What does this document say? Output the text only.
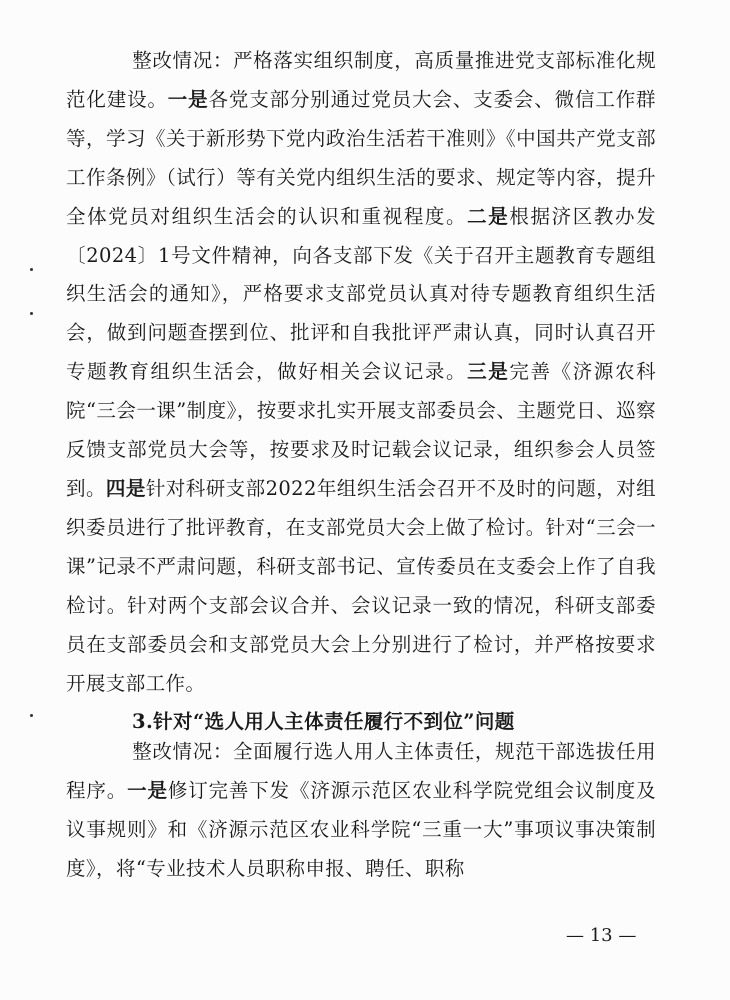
整改情况：严格落实组织制度，高质量推进党支部标准化规范化建设。一是各党支部分别通过党员大会、支委会、微信工作群等，学习《关于新形势下党内政治生活若干准则》《中国共产党支部工作条例》（试行）等有关党内组织生活的要求、规定等内容，提升全体党员对组织生活会的认识和重视程度。二是根据济区教办发〔2024〕1号文件精神，向各支部下发《关于召开主题教育专题组织生活会的通知》，严格要求支部党员认真对待专题教育组织生活会，做到问题查摆到位、批评和自我批评严肃认真，同时认真召开专题教育组织生活会，做好相关会议记录。三是完善《济源农科院“三会一课”制度》，按要求扎实开展支部委员会、主题党日、巡察反馈支部党员大会等，按要求及时记载会议记录，组织参会人员签到。四是针对科研支部2022年组织生活会召开不及时的问题，对组织委员进行了批评教育，在支部党员大会上做了检讨。针对“三会一课”记录不严肃问题，科研支部书记、宣传委员在支委会上作了自我检讨。针对两个支部会议合并、会议记录一致的情况，科研支部委员在支部委员会和支部党员大会上分别进行了检讨，并严格按要求开展支部工作。

3.针对“选人用人主体责任履行不到位”问题

整改情况：全面履行选人用人主体责任，规范干部选拔任用程序。一是修订完善下发《济源示范区农业科学院党组会议制度及议事规则》和《济源示范区农业科学院“三重一大”事项议事决策制度》，将“专业技术人员职称申报、聘任、职称

— 13 —
